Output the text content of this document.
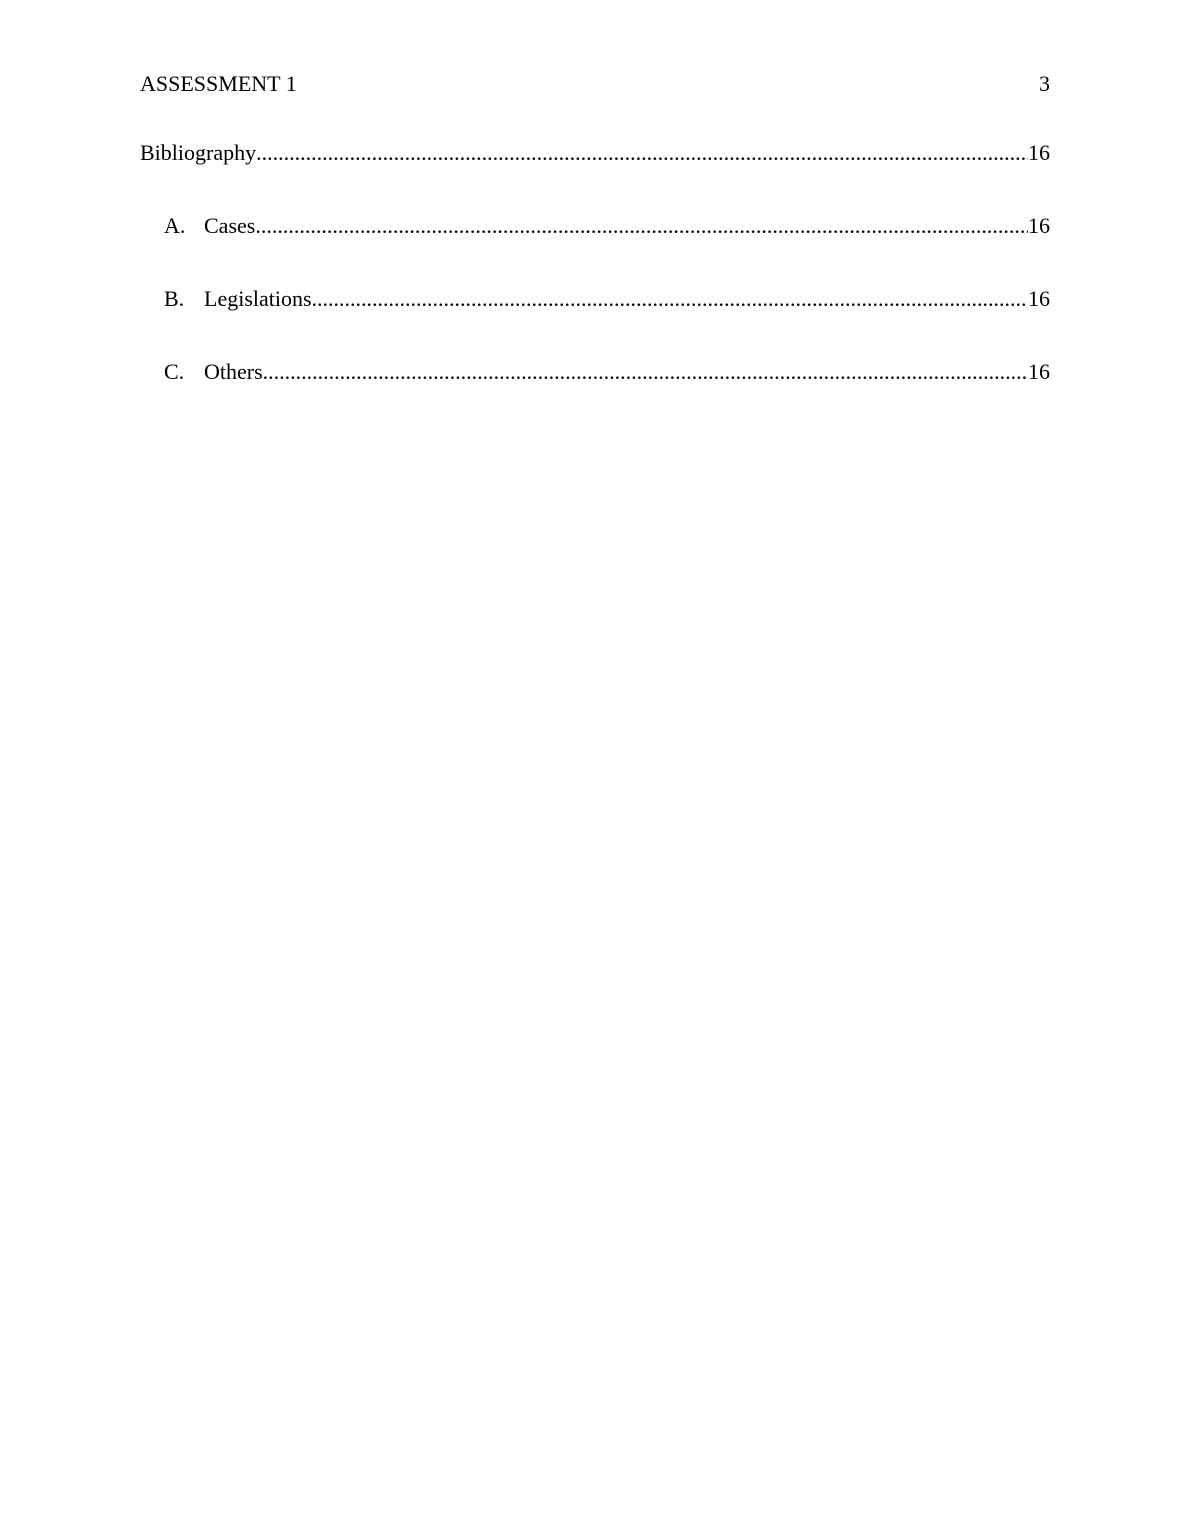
ASSESSMENT 1	3
Bibliography .....	16
A. Cases .....	16
B. Legislations .....	16
C. Others .....	16
